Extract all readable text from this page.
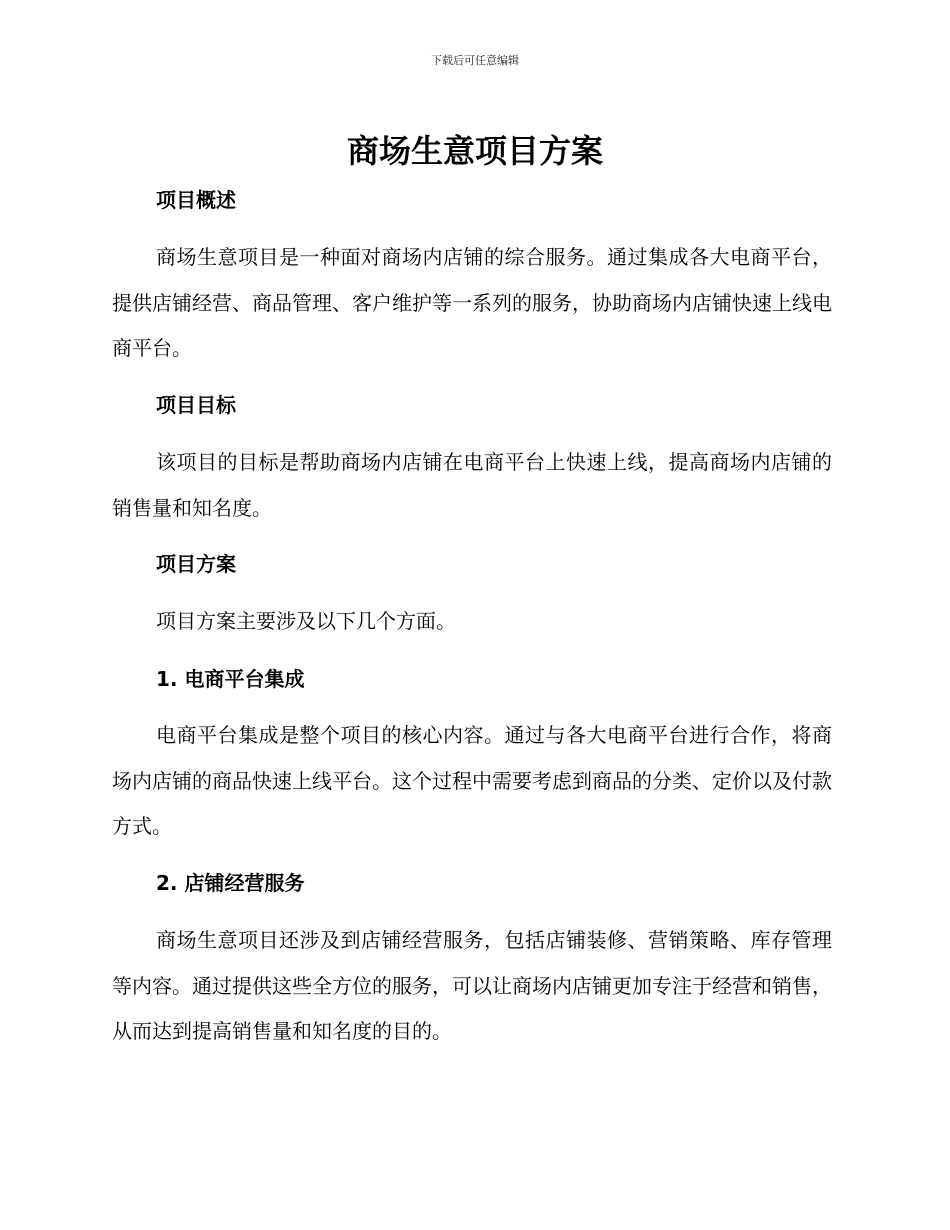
下载后可任意编辑
商场生意项目方案
项目概述

商场生意项目是一种面对商场内店铺的综合服务。通过集成各大电商平台，提供店铺经营、商品管理、客户维护等一系列的服务，协助商场内店铺快速上线电商平台。

项目目标

该项目的目标是帮助商场内店铺在电商平台上快速上线，提高商场内店铺的销售量和知名度。

项目方案

项目方案主要涉及以下几个方面。

1. 电商平台集成

电商平台集成是整个项目的核心内容。通过与各大电商平台进行合作，将商场内店铺的商品快速上线平台。这个过程中需要考虑到商品的分类、定价以及付款方式。

2. 店铺经营服务

商场生意项目还涉及到店铺经营服务，包括店铺装修、营销策略、库存管理等内容。通过提供这些全方位的服务，可以让商场内店铺更加专注于经营和销售，从而达到提高销售量和知名度的目的。
